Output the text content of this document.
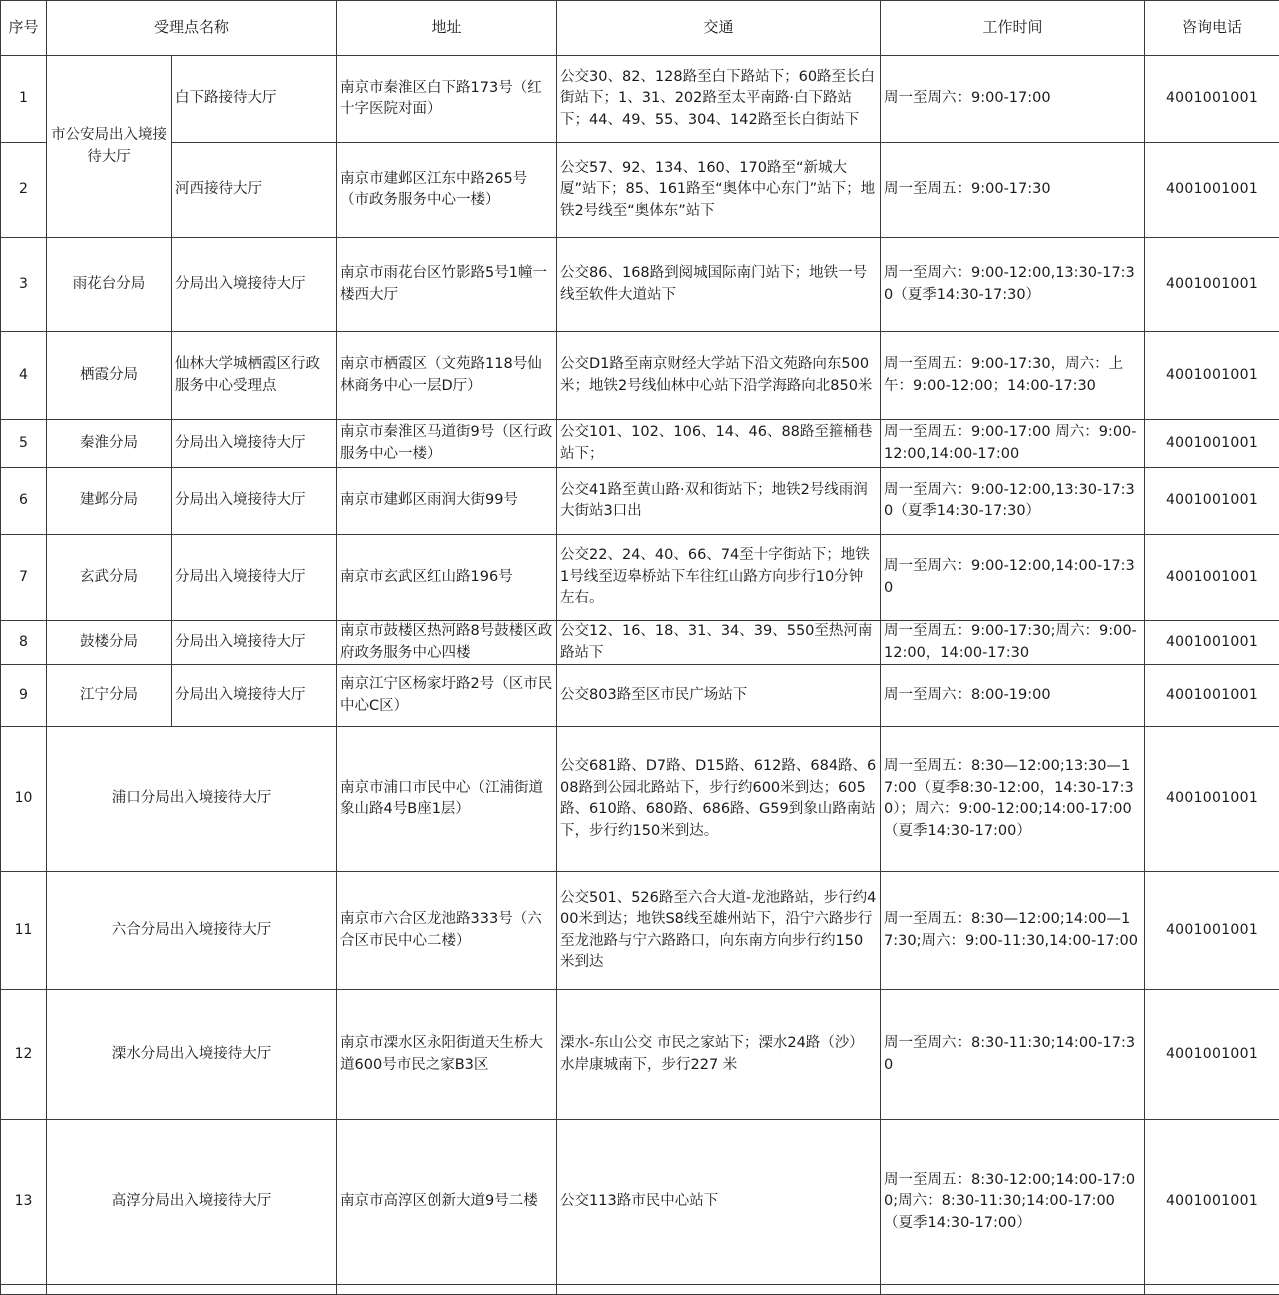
序号	受理点名称		地址	交通	工作时间	咨询电话
1	市公安局出入境接待大厅	白下路接待大厅	南京市秦淮区白下路173号（红十字医院对面）	公交30、82、128路至白下路站下；60路至长白街站下；1、31、202路至太平南路·白下路站下；44、49、55、304、142路至长白街站下	周一至周六：9:00-17:00	4001001001
2		河西接待大厅	南京市建邺区江东中路265号（市政务服务中心一楼）	公交57、92、134、160、170路至“新城大厦”站下；85、161路至“奥体中心东门”站下；地铁2号线至“奥体东”站下	周一至周五：9:00-17:30	4001001001
3	雨花台分局	分局出入境接待大厅	南京市雨花台区竹影路5号1幢一楼西大厅	公交86、168路到阅城国际南门站下；地铁一号线至软件大道站下	周一至周六：9:00-12:00,13:30-17:30（夏季14:30-17:30）	4001001001
4	栖霞分局	仙林大学城栖霞区行政服务中心受理点	南京市栖霞区（文苑路118号仙林商务中心一层D厅）	公交D1路至南京财经大学站下沿文苑路向东500米；地铁2号线仙林中心站下沿学海路向北850米	周一至周五：9:00-17:30，周六：上午：9:00-12:00；14:00-17:30	4001001001
5	秦淮分局	分局出入境接待大厅	南京市秦淮区马道街9号（区行政服务中心一楼）	公交101、102、106、14、46、88路至箍桶巷站下；	周一至周五：9:00-17:00 周六：9:00-12:00,14:00-17:00	4001001001
6	建邺分局	分局出入境接待大厅	南京市建邺区雨润大街99号	公交41路至黄山路·双和街站下；地铁2号线雨润大街站3口出	周一至周六：9:00-12:00,13:30-17:30（夏季14:30-17:30）	4001001001
7	玄武分局	分局出入境接待大厅	南京市玄武区红山路196号	公交22、24、40、66、74至十字街站下；地铁1号线至迈皋桥站下车往红山路方向步行10分钟左右。	周一至周六：9:00-12:00,14:00-17:30	4001001001
8	鼓楼分局	分局出入境接待大厅	南京市鼓楼区热河路8号鼓楼区政府政务服务中心四楼	公交12、16、18、31、34、39、550至热河南路站下	周一至周五：9:00-17:30;周六：9:00-12:00，14:00-17:30	4001001001
9	江宁分局	分局出入境接待大厅	南京江宁区杨家圩路2号（区市民中心C区）	公交803路至区市民广场站下	周一至周六：8:00-19:00	4001001001
10	浦口分局出入境接待大厅		南京市浦口市民中心（江浦街道象山路4号B座1层）	公交681路、D7路、D15路、612路、684路、608路到公园北路站下，步行约600米到达；605路、610路、680路、686路、G59到象山路南站下，步行约150米到达。	周一至周五：8:30—12:00;13:30—17:00（夏季8:30-12:00，14:30-17:30）；周六：9:00-12:00;14:00-17:00（夏季14:30-17:00）	4001001001
11	六合分局出入境接待大厅		南京市六合区龙池路333号（六合区市民中心二楼）	公交501、526路至六合大道-龙池路站，步行约400米到达；地铁S8线至雄州站下，沿宁六路步行至龙池路与宁六路路口，向东南方向步行约150米到达	周一至周五：8:30—12:00;14:00—17:30;周六：9:00-11:30,14:00-17:00	4001001001
12	溧水分局出入境接待大厅		南京市溧水区永阳街道天生桥大道600号市民之家B3区	溧水-东山公交 市民之家站下；溧水24路（沙）水岸康城南下，步行227 米	周一至周六：8:30-11:30;14:00-17:30	4001001001
13	高淳分局出入境接待大厅		南京市高淳区创新大道9号二楼	公交113路市民中心站下	周一至周五：8:30-12:00;14:00-17:00;周六：8:30-11:30;14:00-17:00（夏季14:30-17:00）	4001001001
